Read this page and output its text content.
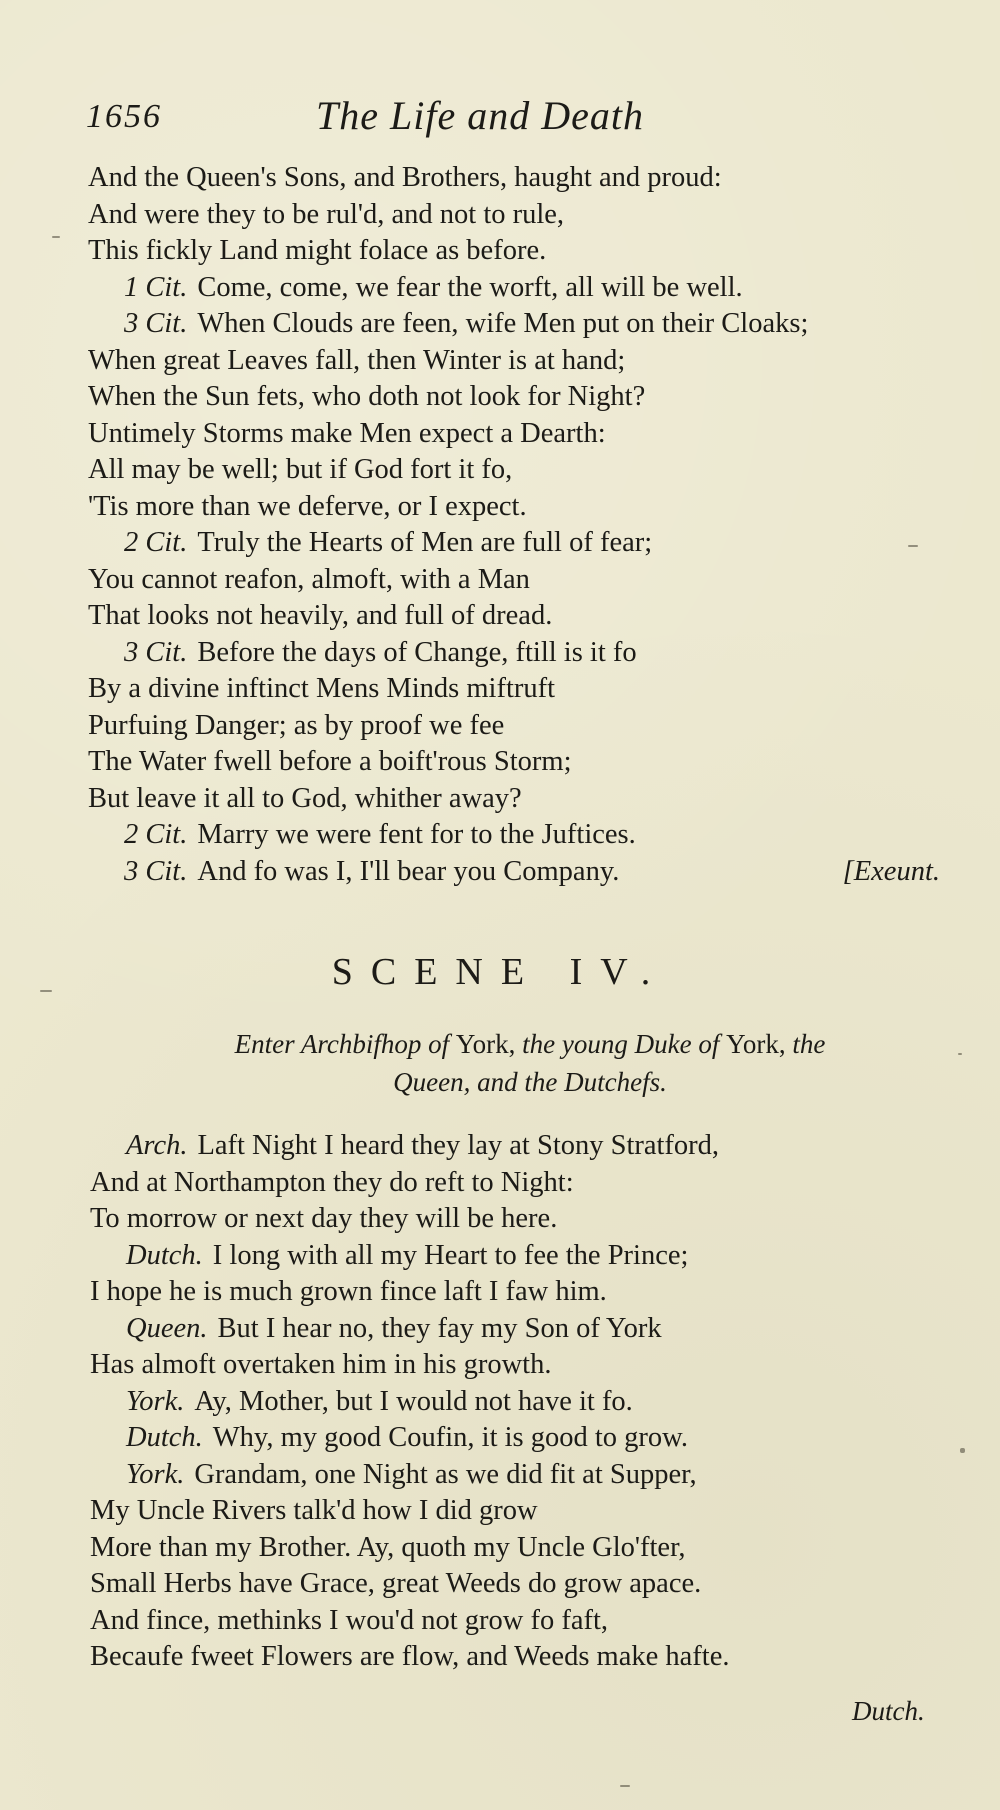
1656	The Life and Death
And the Queen's Sons, and Brothers, haught and proud:
And were they to be rul'd, and not to rule,
This fickly Land might folace as before.
1 Cit. Come, come, we fear the worft, all will be well.
3 Cit. When Clouds are feen, wife Men put on their Cloaks;
When great Leaves fall, then Winter is at hand;
When the Sun fets, who doth not look for Night?
Untimely Storms make Men expect a Dearth:
All may be well; but if God fort it fo,
'Tis more than we deferve, or I expect.
2 Cit. Truly the Hearts of Men are full of fear;
You cannot reafon, almoft, with a Man
That looks not heavily, and full of dread.
3 Cit. Before the days of Change, ftill is it fo
By a divine inftinct Mens Minds miftruft
Purfuing Danger; as by proof we fee
The Water fwell before a boift'rous Storm;
But leave it all to God, whither away?
2 Cit. Marry we were fent for to the Juftices.
3 Cit. And fo was I, I'll bear you Company.	[Exeunt.
SCENE IV.
Enter Archbifhop of York, the young Duke of York, the
Queen, and the Dutchefs.
Arch. Laft Night I heard they lay at Stony Stratford,
And at Northampton they do reft to Night:
To morrow or next day they will be here.
Dutch. I long with all my Heart to fee the Prince;
I hope he is much grown fince laft I faw him.
Queen. But I hear no, they fay my Son of York
Has almoft overtaken him in his growth.
York. Ay, Mother, but I would not have it fo.
Dutch. Why, my good Coufin, it is good to grow.
York. Grandam, one Night as we did fit at Supper,
My Uncle Rivers talk'd how I did grow
More than my Brother. Ay, quoth my Uncle Glo'fter,
Small Herbs have Grace, great Weeds do grow apace.
And fince, methinks I wou'd not grow fo faft,
Becaufe fweet Flowers are flow, and Weeds make hafte.
Dutch.
